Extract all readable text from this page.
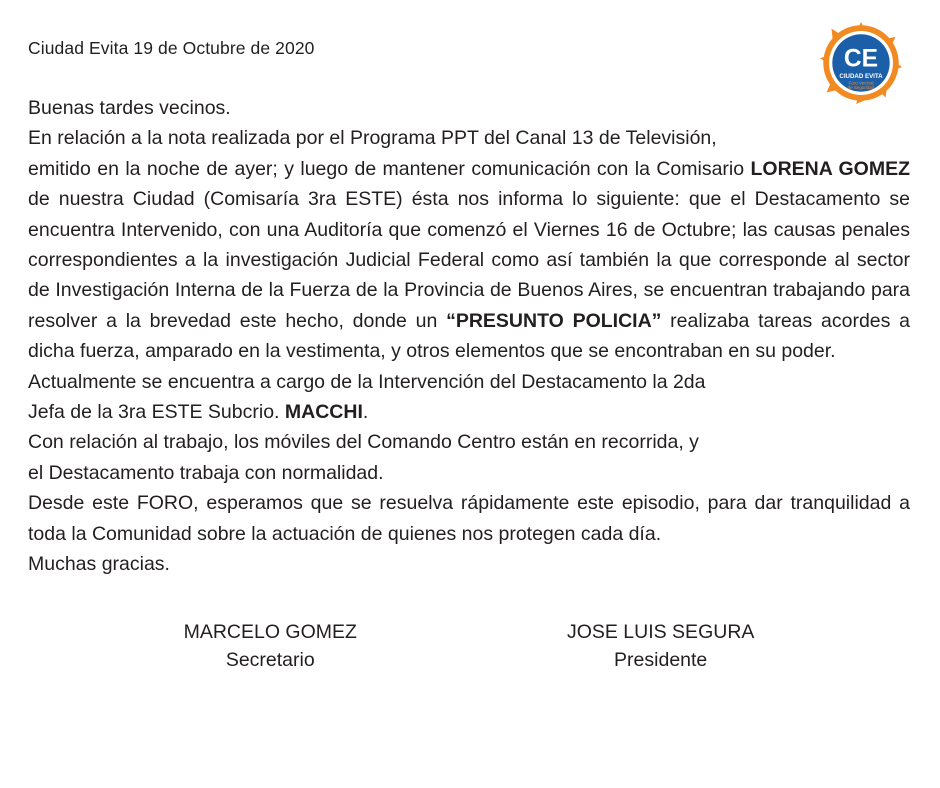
CE
CIUDAD EVITA
Foro Vecinal
de Seguridad

Ciudad Evita 19 de Octubre de 2020

Buenas tardes vecinos.

En relación a la nota realizada por el Programa PPT del Canal 13 de Televisión,

emitido en la noche de ayer; y luego de mantener comunicación con la Comisario LORENA GOMEZ de nuestra Ciudad (Comisaría 3ra ESTE) ésta nos informa lo siguiente: que el Destacamento se encuentra Intervenido, con una Auditoría que comenzó el Viernes 16 de Octubre; las causas penales correspondientes a la investigación Judicial Federal como así también la que corresponde al sector de Investigación Interna de la Fuerza de la Provincia de Buenos Aires, se encuentran trabajando para resolver a la brevedad este hecho, donde un “PRESUNTO POLICIA” realizaba tareas acordes a dicha fuerza, amparado en la vestimenta, y otros elementos que se encontraban en su poder.

Actualmente se encuentra a cargo de la Intervención del Destacamento la 2da

Jefa de la 3ra ESTE Subcrio. MACCHI.

Con relación al trabajo, los móviles del Comando Centro están en recorrida, y

el Destacamento trabaja con normalidad.

Desde este FORO, esperamos que se resuelva rápidamente este episodio, para dar tranquilidad a toda la Comunidad sobre la actuación de quienes nos protegen cada día.

Muchas gracias.

MARCELO GOMEZ
Secretario
JOSE LUIS SEGURA
Presidente
